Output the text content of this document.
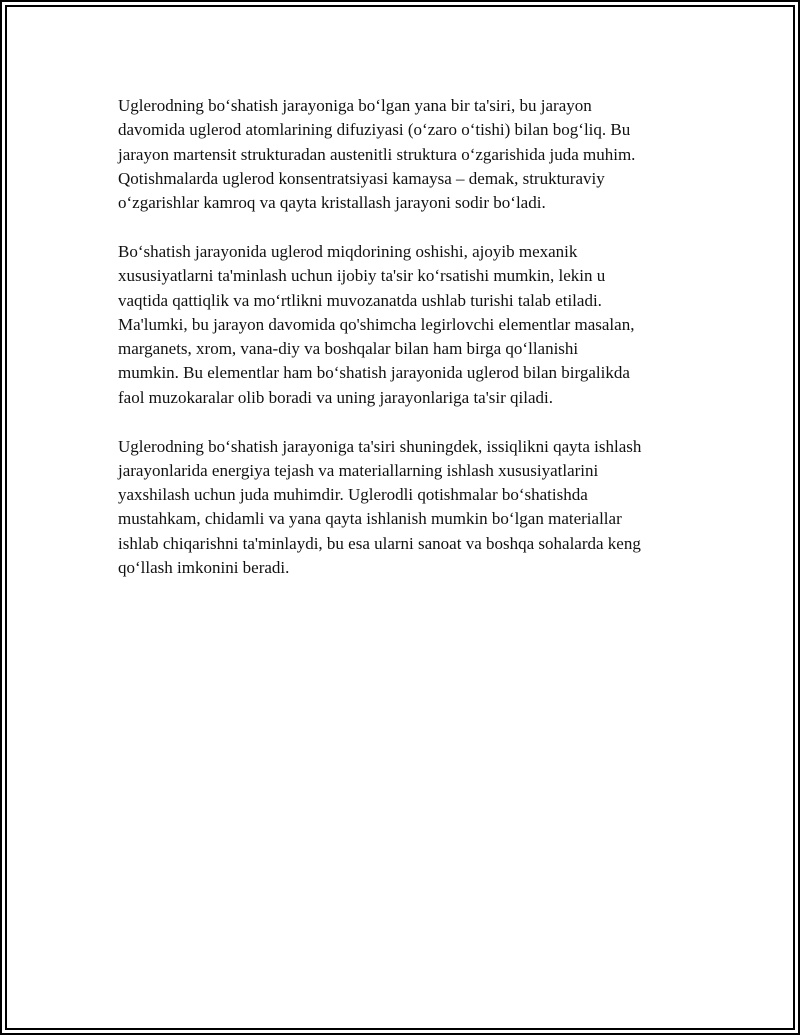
Uglerodning bo‘shatish jarayoniga bo‘lgan yana bir ta'siri, bu jarayon
davomida uglerod atomlarining difuziyasi (o‘zaro o‘tishi) bilan bog‘liq. Bu
jarayon martensit strukturadan austenitli struktura o‘zgarishida juda muhim.
Qotishmalarda uglerod konsentratsiyasi kamaysa – demak, strukturaviy
o‘zgarishlar kamroq va qayta kristallash jarayoni sodir bo‘ladi.

Bo‘shatish jarayonida uglerod miqdorining oshishi, ajoyib mexanik
xususiyatlarni ta'minlash uchun ijobiy ta'sir ko‘rsatishi mumkin, lekin u
vaqtida qattiqlik va mo‘rtlikni muvozanatda ushlab turishi talab etiladi.
Ma'lumki, bu jarayon davomida qo'shimcha legirlovchi elementlar masalan,
marganets, xrom, vana-diy va boshqalar bilan ham birga qo‘llanishi
mumkin. Bu elementlar ham bo‘shatish jarayonida uglerod bilan birgalikda
faol muzokaralar olib boradi va uning jarayonlariga ta'sir qiladi.

Uglerodning bo‘shatish jarayoniga ta'siri shuningdek, issiqlikni qayta ishlash
jarayonlarida energiya tejash va materiallarning ishlash xususiyatlarini
yaxshilash uchun juda muhimdir. Uglerodli qotishmalar bo‘shatishda
mustahkam, chidamli va yana qayta ishlanish mumkin bo‘lgan materiallar
ishlab chiqarishni ta'minlaydi, bu esa ularni sanoat va boshqa sohalarda keng
qo‘llash imkonini beradi.
